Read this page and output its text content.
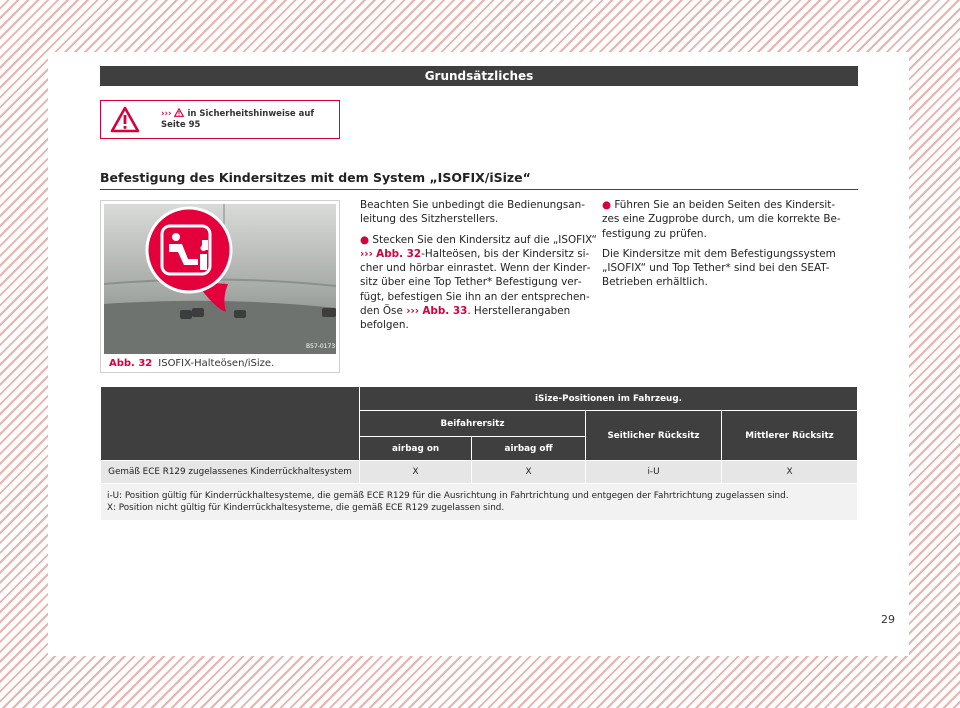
Grundsätzliches
››› in Sicherheitshinweise auf Seite 95
Befestigung des Kindersitzes mit dem System „ISOFIX/iSize“
B57-0173
Abb. 32 ISOFIX-Halteösen/iSize.

Beachten Sie unbedingt die Bedienungsanleitung des Sitzherstellers.

● Stecken Sie den Kindersitz auf die „ISOFIX“ ››› Abb. 32-Halteösen, bis der Kindersitz sicher und hörbar einrastet. Wenn der Kindersitz über eine Top Tether* Befestigung verfügt, befestigen Sie ihn an der entsprechenden Öse ››› Abb. 33. Herstellerangaben befolgen.

● Führen Sie an beiden Seiten des Kindersitzes eine Zugprobe durch, um die korrekte Befestigung zu prüfen.

Die Kindersitze mit dem Befestigungssystem „ISOFIX“ und Top Tether* sind bei den SEAT-Betrieben erhältlich.

	iSize-Positionen im Fahrzeug.			
	Beifahrersitz		Seitlicher Rücksitz	Mittlerer Rücksitz
	airbag on	airbag off		
Gemäß ECE R129 zugelassenes Kinderrückhaltesystem	X	X	i-U	X

i-U: Position gültig für Kinderrückhaltesysteme, die gemäß ECE R129 für die Ausrichtung in Fahrtrichtung und entgegen der Fahrtrichtung zugelassen sind.
X: Position nicht gültig für Kinderrückhaltesysteme, die gemäß ECE R129 zugelassen sind.				
29
